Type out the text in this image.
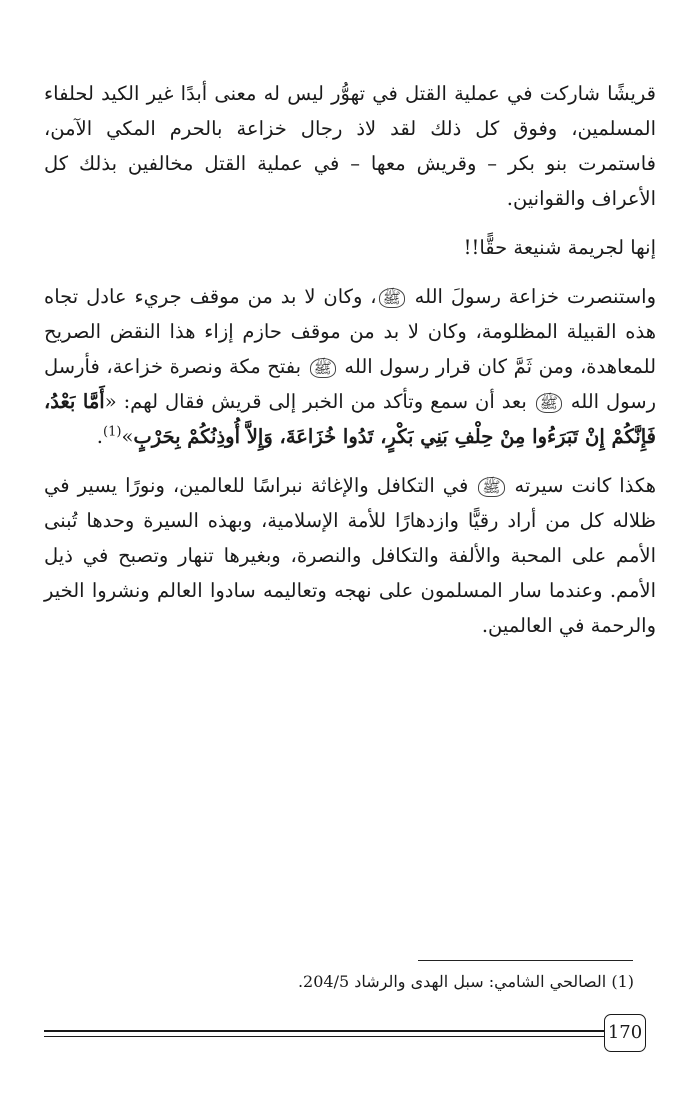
قريشًا شاركت في عملية القتل في تهوُّر ليس له معنى أبدًا غير الكيد لحلفاء المسلمين، وفوق كل ذلك لقد لاذ رجال خزاعة بالحرم المكي الآمن، فاستمرت بنو بكر – وقريش معها – في عملية القتل مخالفين بذلك كل الأعراف والقوانين.

إنها لجريمة شنيعة حقًّا!!

واستنصرت خزاعة رسولَ الله ﷺ، وكان لا بد من موقف جريء عادل تجاه هذه القبيلة المظلومة، وكان لا بد من موقف حازم إزاء هذا النقض الصريح للمعاهدة، ومن ثَمَّ كان قرار رسول الله ﷺ بفتح مكة ونصرة خزاعة، فأرسل رسول الله ﷺ بعد أن سمع وتأكد من الخبر إلى قريش فقال لهم: «أَمَّا بَعْدُ، فَإِنَّكُمْ إِنْ تَبَرَءُوا مِنْ حِلْفِ بَنِي بَكْرٍ، تَدُوا خُزَاعَةَ، وَإِلاَّ أُوذِنُكُمْ بِحَرْبٍ»$^{(1)}$.

هكذا كانت سيرته ﷺ في التكافل والإغاثة نبراسًا للعالمين، ونورًا يسير في ظلاله كل من أراد رقيًّا وازدهارًا للأمة الإسلامية، وبهذه السيرة وحدها تُبنى الأمم على المحبة والألفة والتكافل والنصرة، وبغيرها تنهار وتصبح في ذيل الأمم. وعندما سار المسلمون على نهجه وتعاليمه سادوا العالم ونشروا الخير والرحمة في العالمين.

(1) الصالحي الشامي: سبل الهدى والرشاد 204/5.
170
